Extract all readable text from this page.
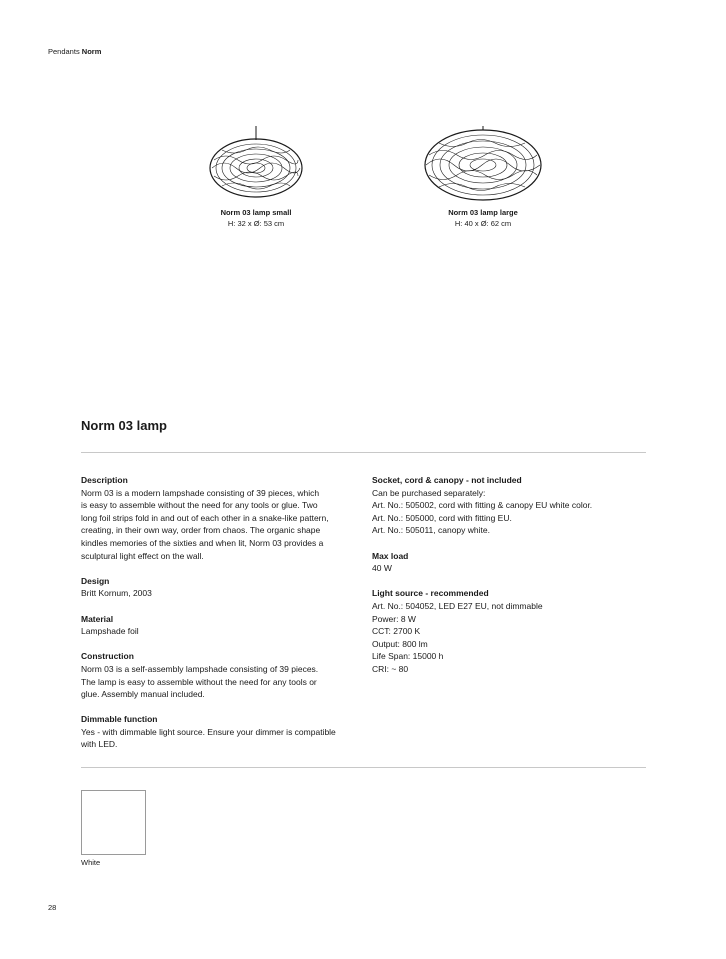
Pendants Norm
Norm 03 lamp small
H: 32 x Ø: 53 cm
Norm 03 lamp large
H: 40 x Ø: 62 cm
Norm 03 lamp
Description

Norm 03 is a modern lampshade consisting of 39 pieces, which

is easy to assemble without the need for any tools or glue. Two

long foil strips fold in and out of each other in a snake-like pattern,

creating, in their own way, order from chaos. The organic shape

kindles memories of the sixties and when lit, Norm 03 provides a

sculptural light effect on the wall.

Design

Britt Kornum, 2003

Material

Lampshade foil

Construction

Norm 03 is a self-assembly lampshade consisting of 39 pieces.

The lamp is easy to assemble without the need for any tools or

glue. Assembly manual included.

Dimmable function

Yes - with dimmable light source. Ensure your dimmer is compatible

with LED.

Socket, cord & canopy - not included

Can be purchased separately:

Art. No.: 505002, cord with fitting & canopy EU white color.

Art. No.: 505000, cord with fitting EU.

Art. No.: 505011, canopy white.

Max load

40 W

Light source - recommended

Art. No.: 504052, LED E27 EU, not dimmable

Power: 8 W

CCT: 2700 K

Output: 800 lm

Life Span: 15000 h

CRI: ~ 80

White
28
